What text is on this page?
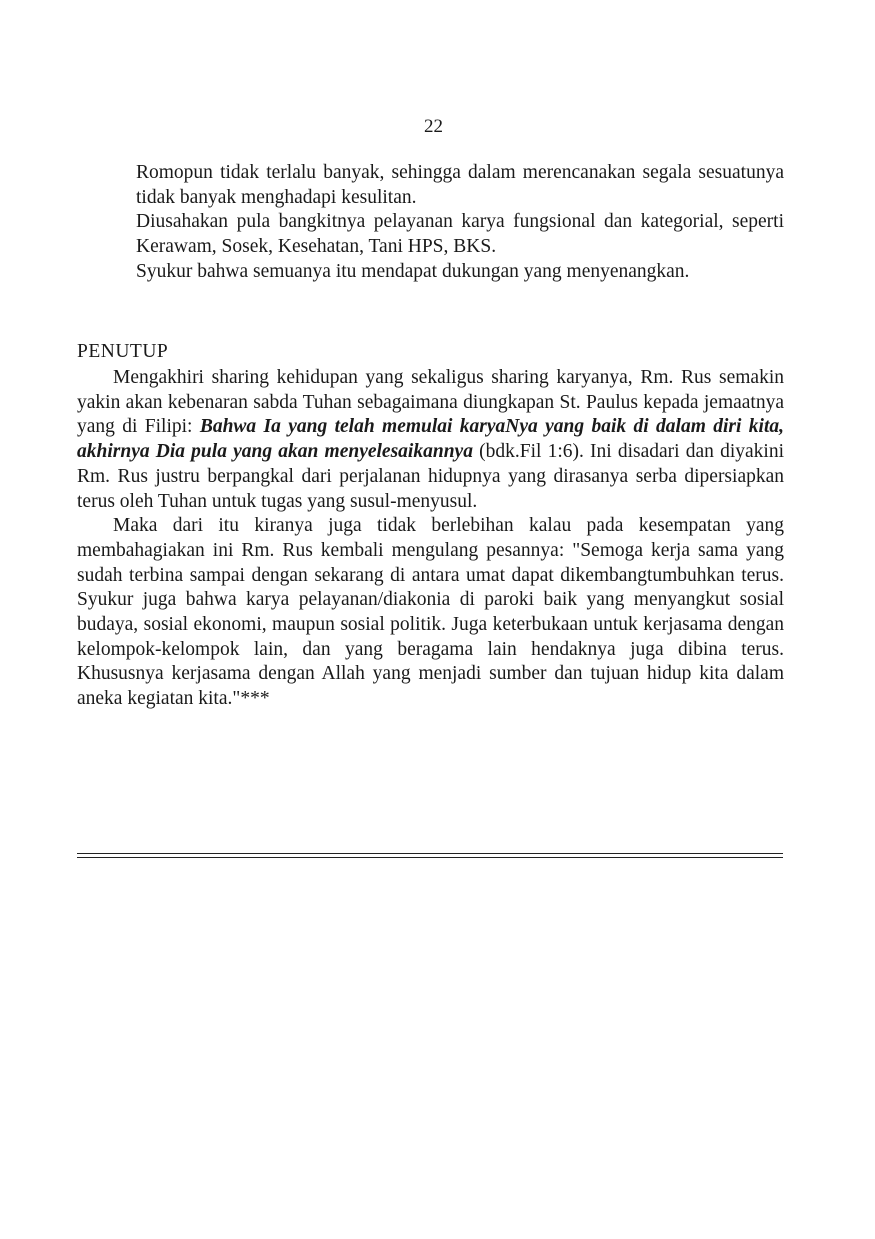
22

Romopun tidak terlalu banyak, sehingga dalam merencanakan segala sesuatunya tidak banyak menghadapi kesulitan.

Diusahakan pula bangkitnya pelayanan karya fungsional dan kategorial, seperti Kerawam, Sosek, Kesehatan, Tani HPS, BKS.

Syukur bahwa semuanya itu mendapat dukungan yang menyenangkan.

PENUTUP

Mengakhiri sharing kehidupan yang sekaligus sharing karyanya, Rm. Rus semakin yakin akan kebenaran sabda Tuhan sebagaimana diungkapan St. Paulus kepada jemaatnya yang di Filipi: Bahwa Ia yang telah memulai karyaNya yang baik di dalam diri kita, akhirnya Dia pula yang akan menyelesaikannya (bdk.Fil 1:6). Ini disadari dan diyakini Rm. Rus justru berpangkal dari perjalanan hidupnya yang dirasanya serba dipersiapkan terus oleh Tuhan untuk tugas yang susul-menyusul.

Maka dari itu kiranya juga tidak berlebihan kalau pada kesempatan yang membahagiakan ini Rm. Rus kembali mengulang pesannya: "Semoga kerja sama yang sudah terbina sampai dengan sekarang di antara umat dapat dikembangtumbuhkan terus. Syukur juga bahwa karya pelayanan/diakonia di paroki baik yang menyangkut sosial budaya, sosial ekonomi, maupun sosial politik. Juga keterbukaan untuk kerjasama dengan kelompok-kelompok lain, dan yang beragama lain hendaknya juga dibina terus. Khususnya kerjasama dengan Allah yang menjadi sumber dan tujuan hidup kita dalam aneka kegiatan kita."***
